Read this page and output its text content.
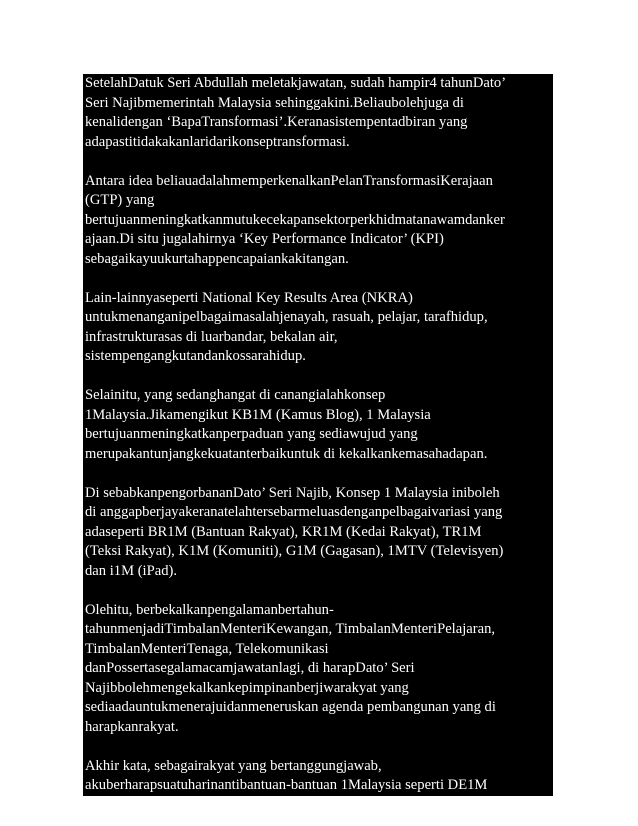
SetelahDatuk Seri Abdullah meletakjawatan, sudah hampir4 tahunDato’
Seri Najibmemerintah Malaysia sehinggakini.Beliaubolehjuga di
kenalidengan ‘BapaTransformasi’.Keranasistempentadbiran yang
adapastitidakakanlaridarikonseptransformasi.
Antara idea beliauadalahmemperkenalkanPelanTransformasiKerajaan
(GTP) yang
bertujuanmeningkatkanmutukecekapansektorperkhidmatanawamdanker
ajaan.Di situ jugalahirnya ‘Key Performance Indicator’ (KPI)
sebagaikayuukurtahappencapaiankakitangan.
Lain-lainnyaseperti National Key Results Area (NKRA)
untukmenanganipelbagaimasalahjenayah, rasuah, pelajar, tarafhidup,
infrastrukturasas di luarbandar, bekalan air,
sistempengangkutandankossarahidup.
Selainitu, yang sedanghangat di canangialahkonsep
1Malaysia.Jikamengikut KB1M (Kamus Blog), 1 Malaysia
bertujuanmeningkatkanperpaduan yang sediawujud yang
merupakantunjangkekuatanterbaikuntuk di kekalkankemasahadapan.
Di sebabkanpengorbananDato’ Seri Najib, Konsep 1 Malaysia iniboleh
di anggapberjayakeranatelahtersebarmeluasdenganpelbagaivariasi yang
adaseperti BR1M (Bantuan Rakyat), KR1M (Kedai Rakyat), TR1M
(Teksi Rakyat), K1M (Komuniti), G1M (Gagasan), 1MTV (Televisyen)
dan i1M (iPad).
Olehitu, berbekalkanpengalamanbertahun-
tahunmenjadiTimbalanMenteriKewangan, TimbalanMenteriPelajaran,
TimbalanMenteriTenaga, Telekomunikasi
danPossertasegalamacamjawatanlagi, di harapDato’ Seri
Najibbolehmengekalkankepimpinanberjiwarakyat yang
sediaadauntukmenerajuidanmeneruskan agenda pembangunan yang di
harapkanrakyat.
Akhir kata, sebagairakyat yang bertanggungjawab,
akuberharapsuatuharinantibantuan-bantuan 1Malaysia seperti DE1M
